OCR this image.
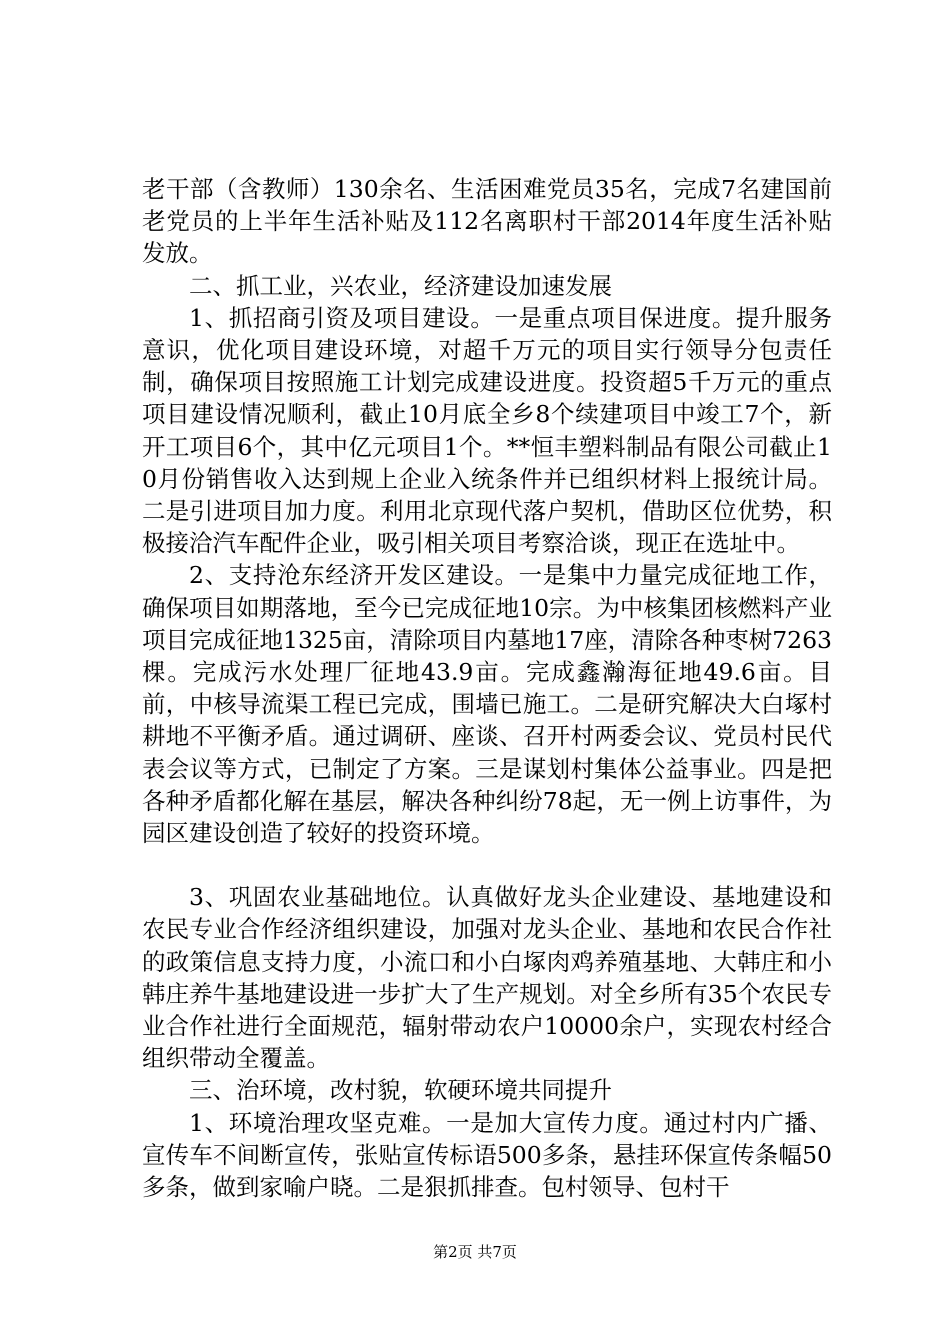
老干部（含教师）130余名、生活困难党员35名，完成7名建国前老党员的上半年生活补贴及112名离职村干部2014年度生活补贴发放。

二、抓工业，兴农业，经济建设加速发展

1、抓招商引资及项目建设。一是重点项目保进度。提升服务意识，优化项目建设环境，对超千万元的项目实行领导分包责任制，确保项目按照施工计划完成建设进度。投资超5千万元的重点项目建设情况顺利，截止10月底全乡8个续建项目中竣工7个，新开工项目6个，其中亿元项目1个。**恒丰塑料制品有限公司截止10月份销售收入达到规上企业入统条件并已组织材料上报统计局。二是引进项目加力度。利用北京现代落户契机，借助区位优势，积极接洽汽车配件企业，吸引相关项目考察洽谈，现正在选址中。

2、支持沧东经济开发区建设。一是集中力量完成征地工作，确保项目如期落地，至今已完成征地10宗。为中核集团核燃料产业项目完成征地1325亩，清除项目内墓地17座，清除各种枣树7263棵。完成污水处理厂征地43.9亩。完成鑫瀚海征地49.6亩。目前，中核导流渠工程已完成，围墙已施工。二是研究解决大白塚村耕地不平衡矛盾。通过调研、座谈、召开村两委会议、党员村民代表会议等方式，已制定了方案。三是谋划村集体公益事业。四是把各种矛盾都化解在基层，解决各种纠纷78起，无一例上访事件，为园区建设创造了较好的投资环境。

3、巩固农业基础地位。认真做好龙头企业建设、基地建设和农民专业合作经济组织建设，加强对龙头企业、基地和农民合作社的政策信息支持力度，小流口和小白塚肉鸡养殖基地、大韩庄和小韩庄养牛基地建设进一步扩大了生产规划。对全乡所有35个农民专业合作社进行全面规范，辐射带动农户10000余户，实现农村经合组织带动全覆盖。

三、治环境，改村貌，软硬环境共同提升

1、环境治理攻坚克难。一是加大宣传力度。通过村内广播、宣传车不间断宣传，张贴宣传标语500多条，悬挂环保宣传条幅50多条，做到家喻户晓。二是狠抓排查。包村领导、包村干

第2页 共7页
